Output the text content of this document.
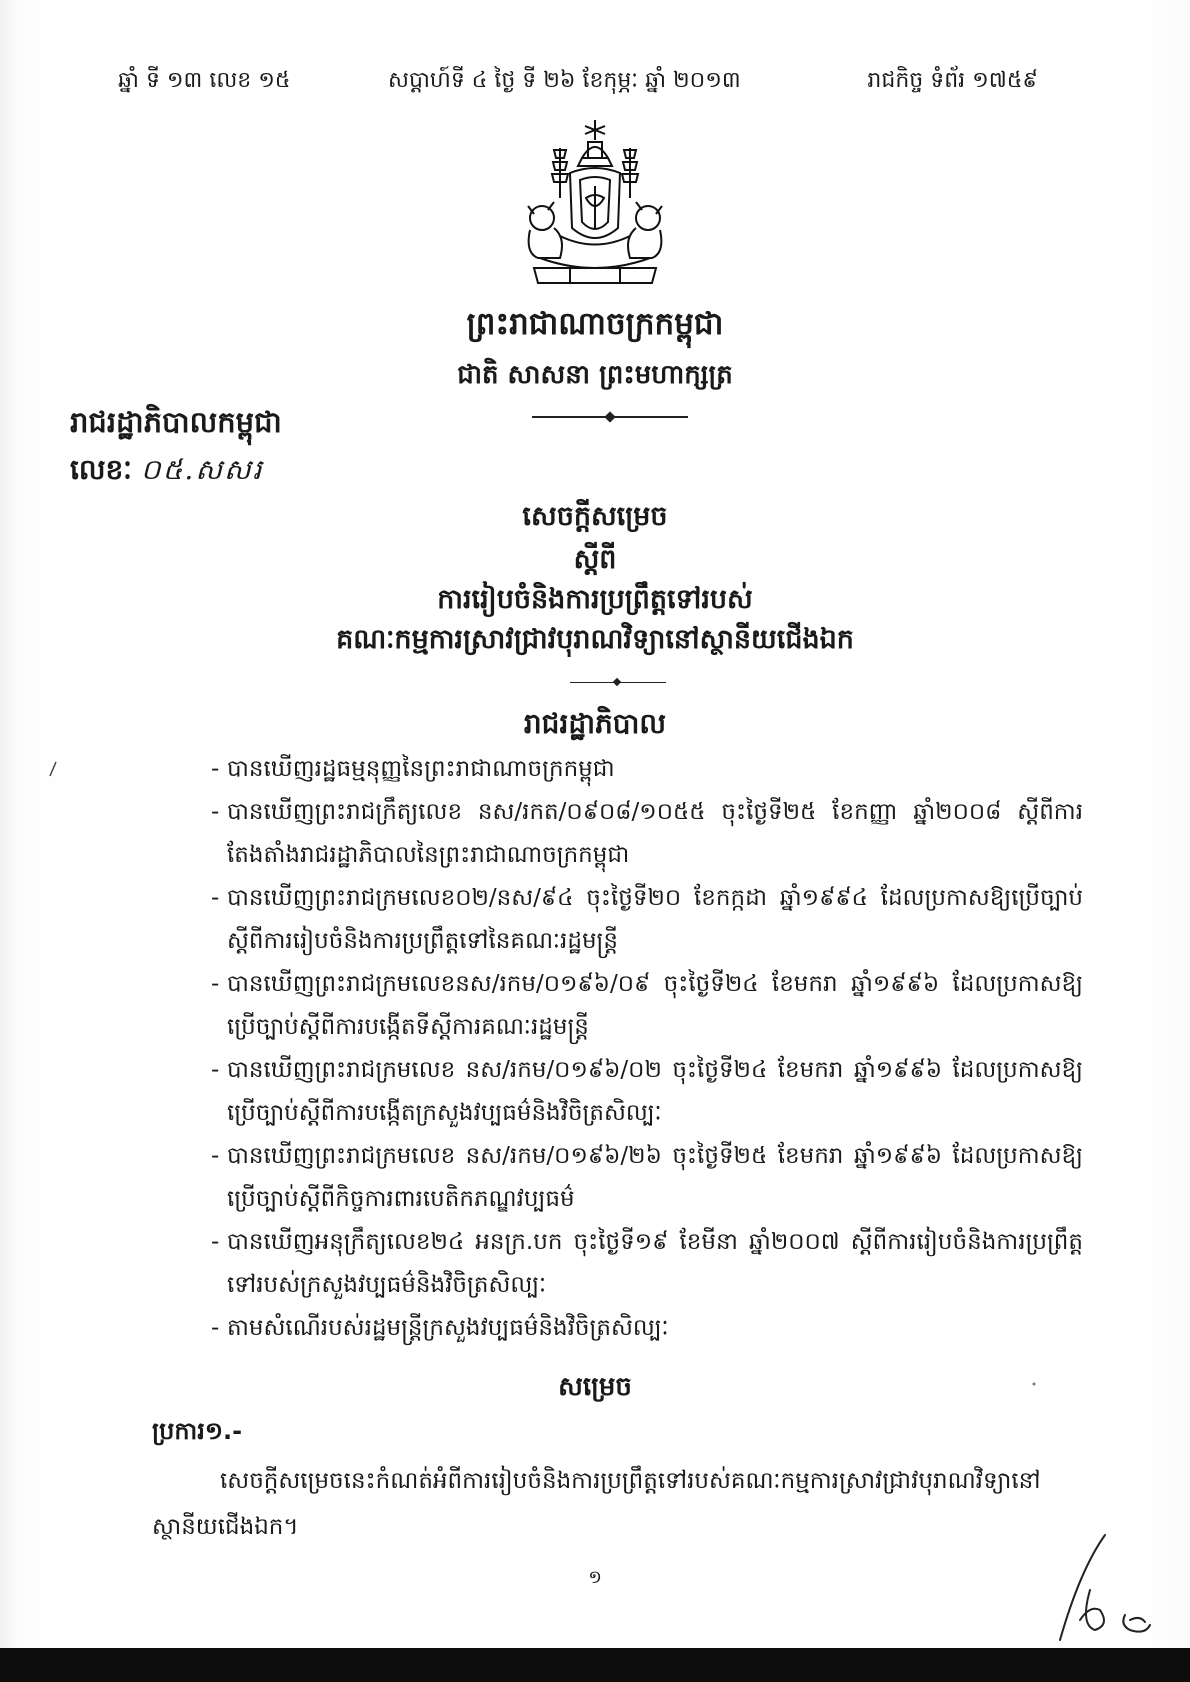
ឆ្នាំ ទី ១៣ លេខ ១៥	សប្តាហ៍ទី ៤ ថ្ងៃ ទី ២៦ ខែកុម្ភៈ ឆ្នាំ ២០១៣	រាជកិច្ច ទំព័រ ១៧៥៩
ព្រះរាជាណាចក្រកម្ពុជា
ជាតិ សាសនា ព្រះមហាក្សត្រ
រាជរដ្ឋាភិបាលកម្ពុជា
លេខៈ ០៥.សសរ
សេចក្តីសម្រេច
ស្តីពី
ការរៀបចំនិងការប្រព្រឹត្តទៅរបស់
គណៈកម្មការស្រាវជ្រាវបុរាណវិទ្យានៅស្ថានីយជើងឯក
រាជរដ្ឋាភិបាល
- បានឃើញរដ្ឋធម្មនុញ្ញនៃព្រះរាជាណាចក្រកម្ពុជា
- បានឃើញព្រះរាជក្រឹត្យលេខ នស/រកត/០៩០៨/១០៥៥ ចុះថ្ងៃទី២៥ ខែកញ្ញា ឆ្នាំ២០០៨ ស្តីពីការតែងតាំងរាជរដ្ឋាភិបាលនៃព្រះរាជាណាចក្រកម្ពុជា
- បានឃើញព្រះរាជក្រមលេខ០២/នស/៩៤ ចុះថ្ងៃទី២០ ខែកក្កដា ឆ្នាំ១៩៩៤ ដែលប្រកាសឱ្យប្រើច្បាប់ស្តីពីការរៀបចំនិងការប្រព្រឹត្តទៅនៃគណៈរដ្ឋមន្ត្រី
- បានឃើញព្រះរាជក្រមលេខនស/រកម/០១៩៦/០៩ ចុះថ្ងៃទី២៤ ខែមករា ឆ្នាំ១៩៩៦ ដែលប្រកាសឱ្យប្រើច្បាប់ស្តីពីការបង្កើតទីស្តីការគណៈរដ្ឋមន្ត្រី
- បានឃើញព្រះរាជក្រមលេខ នស/រកម/០១៩៦/០២ ចុះថ្ងៃទី២៤ ខែមករា ឆ្នាំ១៩៩៦ ដែលប្រកាសឱ្យប្រើច្បាប់ស្តីពីការបង្កើតក្រសួងវប្បធម៌និងវិចិត្រសិល្បៈ
- បានឃើញព្រះរាជក្រមលេខ នស/រកម/០១៩៦/២៦ ចុះថ្ងៃទី២៥ ខែមករា ឆ្នាំ១៩៩៦ ដែលប្រកាសឱ្យប្រើច្បាប់ស្តីពីកិច្ចការពារបេតិកភណ្ឌវប្បធម៌
- បានឃើញអនុក្រឹត្យលេខ២៤ អនក្រ.បក ចុះថ្ងៃទី១៩ ខែមីនា ឆ្នាំ២០០៧ ស្តីពីការរៀបចំនិងការប្រព្រឹត្តទៅរបស់ក្រសួងវប្បធម៌និងវិចិត្រសិល្បៈ
- តាមសំណើរបស់រដ្ឋមន្ត្រីក្រសួងវប្បធម៌និងវិចិត្រសិល្បៈ
សម្រេច
ប្រការ១.-
សេចក្តីសម្រេចនេះកំណត់អំពីការរៀបចំនិងការប្រព្រឹត្តទៅរបស់គណៈកម្មការស្រាវជ្រាវបុរាណវិទ្យានៅស្ថានីយជើងឯក។
១
